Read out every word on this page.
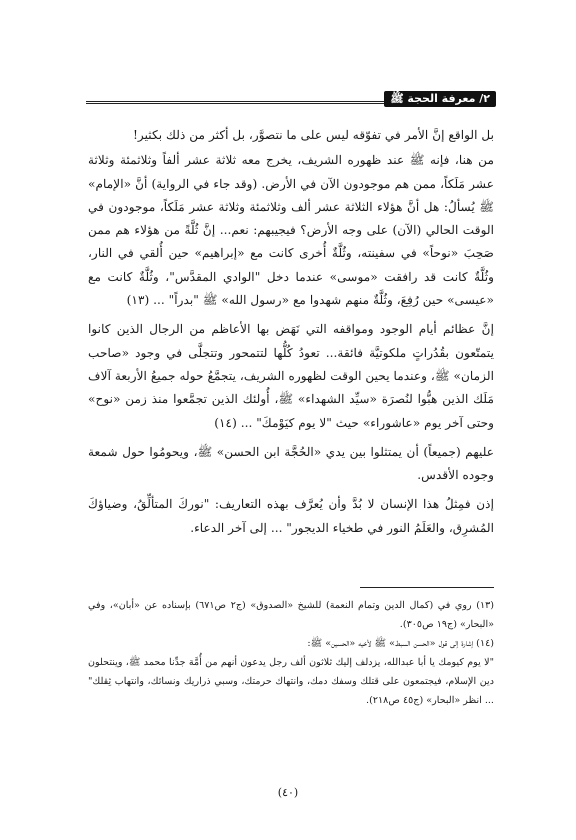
٢/ معرفة الحجة ﷺ

بل الواقع إنَّ الأمر في تفوّقه ليس على ما نتصوَّر، بل أكثر من ذلك بكثير!

من هنا، فإنه ﷺ عند ظهوره الشريف، يخرج معه ثلاثة عشر ألفاً وثلاثمئة وثلاثة عشر مَلَكاً، ممن هم موجودون الآن في الأرض. (وقد جاء في الرواية) أنَّ «الإمام» ﷺ يُسألُ: هل أنَّ هؤلاء الثلاثة عشر ألف وثلاثمئة وثلاثة عشر مَلَكاً، موجودون في الوقت الحالي (الآن) على وجه الأرض؟ فيجيبهم: نعم... إنَّ ثُلَّةً من هؤلاء هم ممن صَحِبَ «نوحاً» في سفينته، وثُلَّةٌ أُخرى كانت مع «إبراهيم» حين أُلقي في النار، وثُلَّةٌ كانت قد رافقت «موسى» عندما دخل "الوادي المقدَّس"، وثُلَّةٌ كانت مع «عيسى» حين رُفِعَ، وثُلَّةٌ منهم شهدوا مع «رسول الله» ﷺ "بدراً" ... (١٣)

إنَّ عظائم أيام الوجود ومواقفه التي نَهَض بها الأعاظم من الرجال الذين كانوا يتمتّعون بقُدُراتٍ ملكوتيَّة فائقة... تعودُ كُلُّها لتتمحور وتتجلَّى في وجود «صاحب الزمان» ﷺ، وعندما يحين الوقت لظهوره الشريف، يتجمَّعُ حوله جميعُ الأربعة آلاف مَلَك الذين هبُّوا لنُصرَة «سيِّد الشهداء» ﷺ، أُولئك الذين تجمَّعوا منذ زمن «نوح» وحتى آخر يوم «عاشوراء» حيث "لا يوم كيَوْمكَ" ... (١٤)

عليهم (جميعاً) أن يمتثلوا بين يدي «الحُجَّة ابن الحسن» ﷺ، ويحومُوا حول شمعة وجوده الأقدس.

إذن فمِثلُ هذا الإنسان لا بُدَّ وأن يُعرَّف بهذه التعاريف: "نوركَ المتألِّقُ، وضياؤكَ المُشرِق، والعَلَمُ النور في طخياء الديجور" ... إلى آخر الدعاء.

(١٣) روي في (كمال الدين وتمام النعمة) للشيخ «الصدوق» (ج٢ ص٦٧١) بإسناده عن «أبان»، وفي «البحار» (ج١٩ ص٣٠٥).

(١٤) إشارة إلى قول «الحسن السبط» ﷺ لأخيه «الحسين» ﷺ:

"لا يوم كيومك يا أبا عبدالله، يزدلف إليك ثلاثون ألف رجل يدعون أنهم من أُمَّة جدِّنا محمد ﷺ، وينتحلون دين الإسلام، فيجتمعون على قتلك وسفك دمك، وانتهاك حرمتك، وسبي ذراريك ونسائك، وانتهاب ثِقلك" ... انظر «البحار» (ج٤٥ ص٢١٨).

(٤٠)
